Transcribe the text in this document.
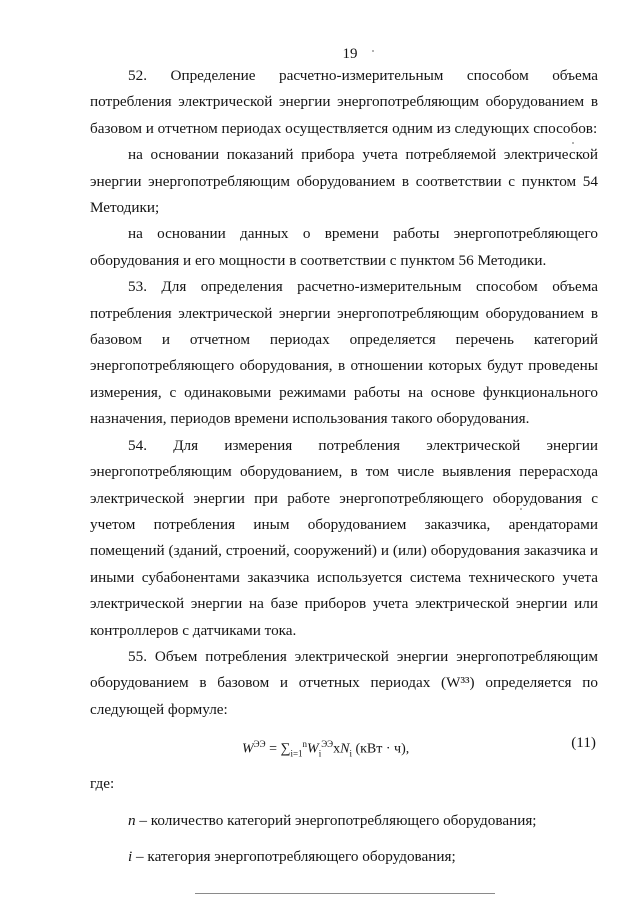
19

52. Определение расчетно-измерительным способом объема потребления электрической энергии энергопотребляющим оборудованием в базовом и отчетном периодах осуществляется одним из следующих способов:

на основании показаний прибора учета потребляемой электрической энергии энергопотребляющим оборудованием в соответствии с пунктом 54 Методики;

на основании данных о времени работы энергопотребляющего оборудования и его мощности в соответствии с пунктом 56 Методики.

53. Для определения расчетно-измерительным способом объема потребления электрической энергии энергопотребляющим оборудованием в базовом и отчетном периодах определяется перечень категорий энергопотребляющего оборудования, в отношении которых будут проведены измерения, с одинаковыми режимами работы на основе функционального назначения, периодов времени использования такого оборудования.

54. Для измерения потребления электрической энергии энергопотребляющим оборудованием, в том числе выявления перерасхода электрической энергии при работе энергопотребляющего оборудования с учетом потребления иным оборудованием заказчика, арендаторами помещений (зданий, строений, сооружений) и (или) оборудования заказчика и иными субабонентами заказчика используется система технического учета электрической энергии на базе приборов учета электрической энергии или контроллеров с датчиками тока.

55. Объем потребления электрической энергии энергопотребляющим оборудованием в базовом и отчетных периодах (W³³) определяется по следующей формуле:

$W^{ЭЭ} = \sum_{i=1}^nW_i^{ЭЭ}xN_i$ (кВт · ч),	(11)

где:

n – количество категорий энергопотребляющего оборудования;

i – категория энергопотребляющего оборудования;
